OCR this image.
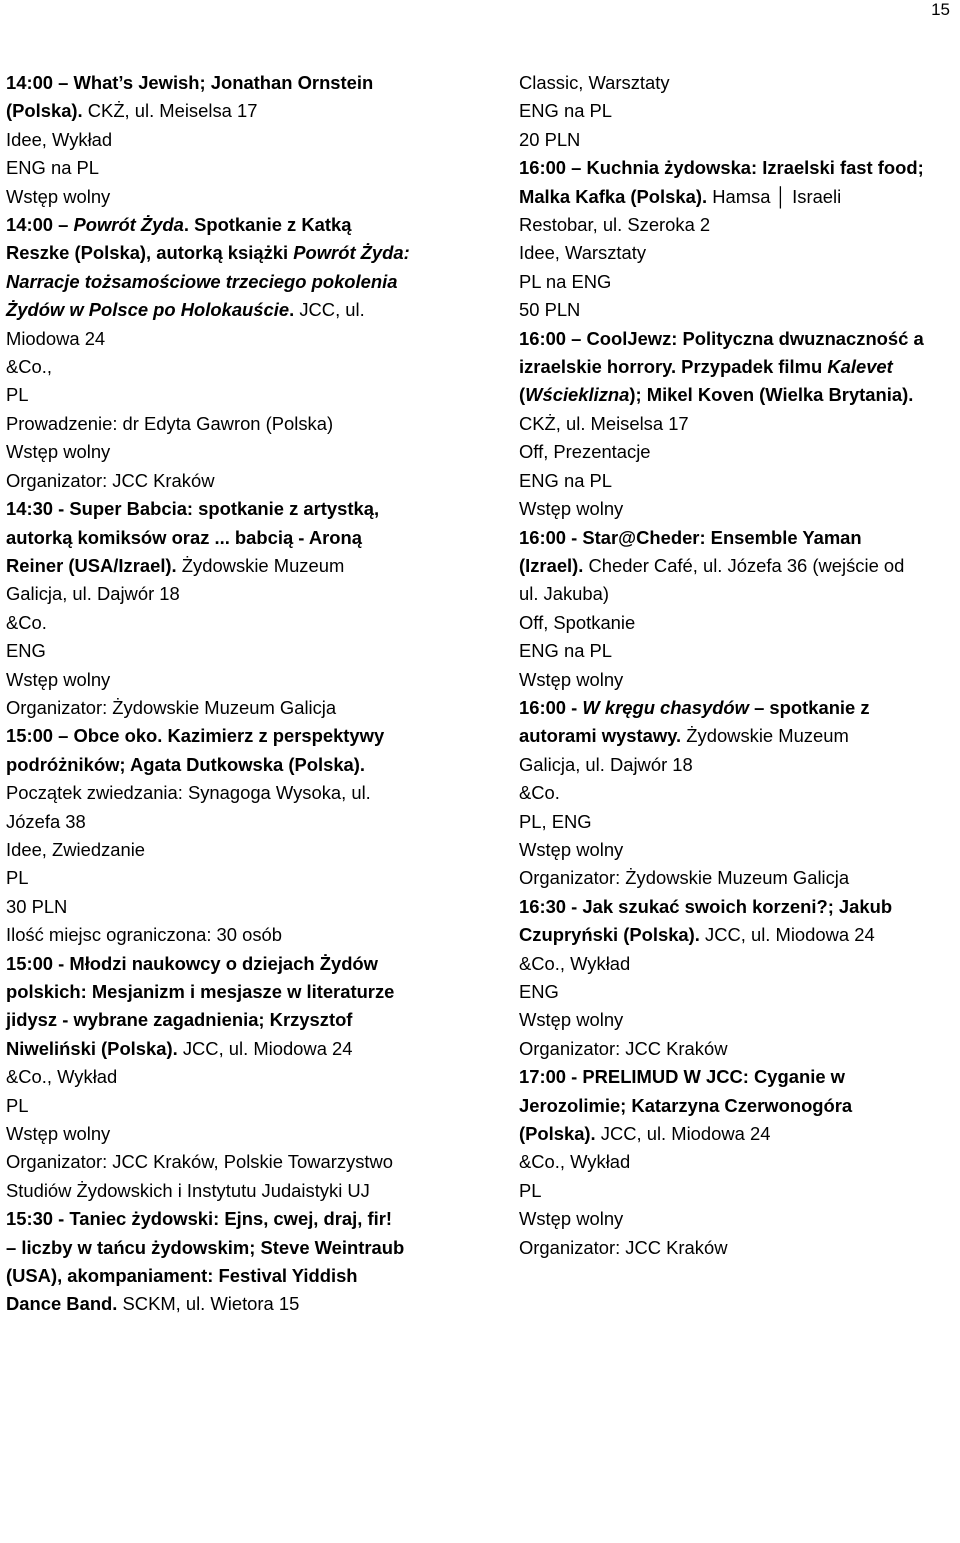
15
14:00 – What’s Jewish; Jonathan Ornstein
(Polska). CKŻ, ul. Meiselsa 17
Idee, Wykład
ENG na PL
Wstęp wolny
14:00 – Powrót Żyda. Spotkanie z Katką
Reszke (Polska), autorką książki Powrót Żyda:
Narracje tożsamościowe trzeciego pokolenia
Żydów w Polsce po Holokauście. JCC, ul.
Miodowa 24
&Co.,
PL
Prowadzenie: dr Edyta Gawron (Polska)
Wstęp wolny
Organizator: JCC Kraków
14:30 - Super Babcia: spotkanie z artystką,
autorką komiksów oraz ... babcią - Aroną
Reiner (USA/Izrael). Żydowskie Muzeum
Galicja, ul. Dajwór 18
&Co.
ENG
Wstęp wolny
Organizator: Żydowskie Muzeum Galicja
15:00 – Obce oko. Kazimierz z perspektywy
podróżników; Agata Dutkowska (Polska).
Początek zwiedzania: Synagoga Wysoka, ul.
Józefa 38
Idee, Zwiedzanie
PL
30 PLN
Ilość miejsc ograniczona: 30 osób
15:00 - Młodzi naukowcy o dziejach Żydów
polskich: Mesjanizm i mesjasze w literaturze
jidysz - wybrane zagadnienia; Krzysztof
Niweliński (Polska). JCC, ul. Miodowa 24
&Co., Wykład
PL
Wstęp wolny
Organizator: JCC Kraków, Polskie Towarzystwo
Studiów Żydowskich i Instytutu Judaistyki UJ
15:30 - Taniec żydowski: Ejns, cwej, draj, fir!
– liczby w tańcu żydowskim; Steve Weintraub
(USA), akompaniament: Festival Yiddish
Dance Band. SCKM, ul. Wietora 15
Classic, Warsztaty
ENG na PL
20 PLN
16:00 – Kuchnia żydowska: Izraelski fast food;
Malka Kafka (Polska). Hamsa │ Israeli
Restobar, ul. Szeroka 2
Idee, Warsztaty
PL na ENG
50 PLN
16:00 – CoolJewz: Polityczna dwuznaczność a
izraelskie horrory. Przypadek filmu Kalevet
(Wścieklizna); Mikel Koven (Wielka Brytania).
CKŻ, ul. Meiselsa 17
Off, Prezentacje
ENG na PL
Wstęp wolny
16:00 - Star@Cheder: Ensemble Yaman
(Izrael). Cheder Café, ul. Józefa 36 (wejście od
ul. Jakuba)
Off, Spotkanie
ENG na PL
Wstęp wolny
16:00 - W kręgu chasydów – spotkanie z
autorami wystawy. Żydowskie Muzeum
Galicja, ul. Dajwór 18
&Co.
PL, ENG
Wstęp wolny
Organizator: Żydowskie Muzeum Galicja
16:30 - Jak szukać swoich korzeni?; Jakub
Czupryński (Polska). JCC, ul. Miodowa 24
&Co., Wykład
ENG
Wstęp wolny
Organizator: JCC Kraków
17:00 - PRELIMUD W JCC: Cyganie w
Jerozolimie; Katarzyna Czerwonogóra
(Polska). JCC, ul. Miodowa 24
&Co., Wykład
PL
Wstęp wolny
Organizator: JCC Kraków
